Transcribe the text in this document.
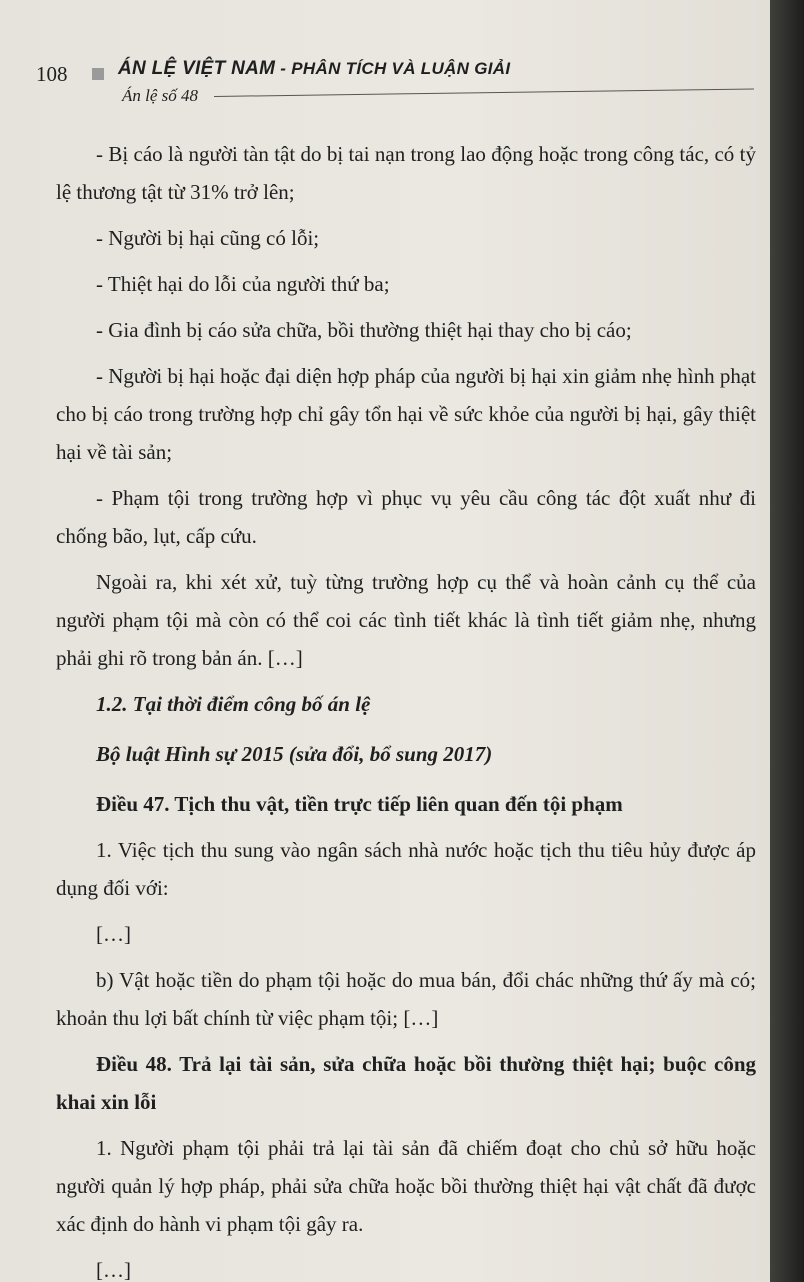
108	ÁN LỆ VIỆT NAM - PHÂN TÍCH VÀ LUẬN GIẢI
Án lệ số 48

- Bị cáo là người tàn tật do bị tai nạn trong lao động hoặc trong công tác, có tỷ lệ thương tật từ 31% trở lên;

- Người bị hại cũng có lỗi;

- Thiệt hại do lỗi của người thứ ba;

- Gia đình bị cáo sửa chữa, bồi thường thiệt hại thay cho bị cáo;

- Người bị hại hoặc đại diện hợp pháp của người bị hại xin giảm nhẹ hình phạt cho bị cáo trong trường hợp chỉ gây tổn hại về sức khỏe của người bị hại, gây thiệt hại về tài sản;

- Phạm tội trong trường hợp vì phục vụ yêu cầu công tác đột xuất như đi chống bão, lụt, cấp cứu.

Ngoài ra, khi xét xử, tuỳ từng trường hợp cụ thể và hoàn cảnh cụ thể của người phạm tội mà còn có thể coi các tình tiết khác là tình tiết giảm nhẹ, nhưng phải ghi rõ trong bản án. […]

1.2. Tại thời điểm công bố án lệ

Bộ luật Hình sự 2015 (sửa đổi, bổ sung 2017)

Điều 47. Tịch thu vật, tiền trực tiếp liên quan đến tội phạm

1. Việc tịch thu sung vào ngân sách nhà nước hoặc tịch thu tiêu hủy được áp dụng đối với:

[…]

b) Vật hoặc tiền do phạm tội hoặc do mua bán, đổi chác những thứ ấy mà có; khoản thu lợi bất chính từ việc phạm tội; […]

Điều 48. Trả lại tài sản, sửa chữa hoặc bồi thường thiệt hại; buộc công khai xin lỗi

1. Người phạm tội phải trả lại tài sản đã chiếm đoạt cho chủ sở hữu hoặc người quản lý hợp pháp, phải sửa chữa hoặc bồi thường thiệt hại vật chất đã được xác định do hành vi phạm tội gây ra.

[…]
